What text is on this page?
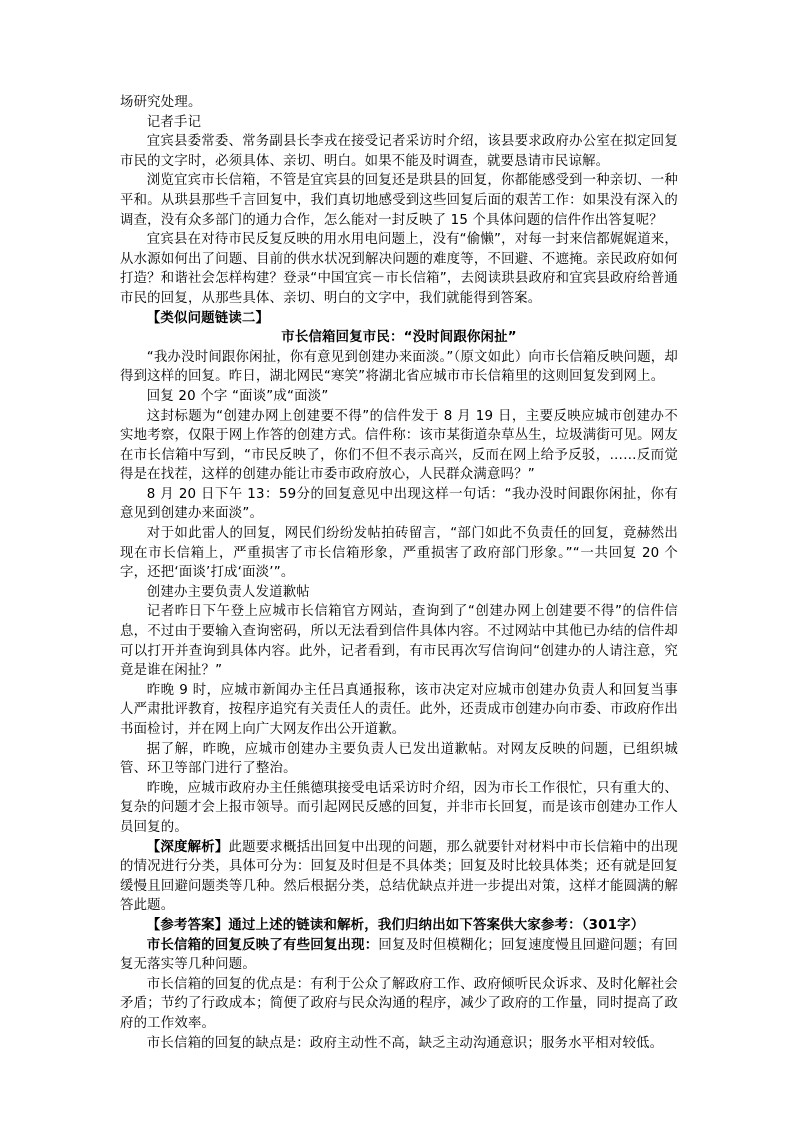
场研究处理。

记者手记

宜宾县委常委、常务副县长李戎在接受记者采访时介绍，该县要求政府办公室在拟定回复市民的文字时，必须具体、亲切、明白。如果不能及时调查，就要恳请市民谅解。

浏览宜宾市长信箱，不管是宜宾县的回复还是珙县的回复，你都能感受到一种亲切、一种平和。从珙县那些千言回复中，我们真切地感受到这些回复后面的艰苦工作：如果没有深入的调查，没有众多部门的通力合作，怎么能对一封反映了 15 个具体问题的信件作出答复呢？

宜宾县在对待市民反复反映的用水用电问题上，没有“偷懒”，对每一封来信都娓娓道来，从水源如何出了问题、目前的供水状况到解决问题的难度等，不回避、不遮掩。亲民政府如何打造？和谐社会怎样构建？登录“中国宜宾－市长信箱”，去阅读珙县政府和宜宾县政府给普通市民的回复，从那些具体、亲切、明白的文字中，我们就能得到答案。

【类似问题链读二】

市长信箱回复市民：“没时间跟你闲扯”

“我办没时间跟你闲扯，你有意见到创建办来面淡。”（原文如此）向市长信箱反映问题，却得到这样的回复。昨日，湖北网民“寒笑”将湖北省应城市市长信箱里的这则回复发到网上。

回复 20 个字 “面谈”成“面淡”

这封标题为“创建办网上创建要不得”的信件发于 8 月 19 日，主要反映应城市创建办不实地考察，仅限于网上作答的创建方式。信件称：该市某街道杂草丛生，垃圾满街可见。网友在市长信箱中写到，“市民反映了，你们不但不表示高兴，反而在网上给予反驳，……反而觉得是在找茬，这样的创建办能让市委市政府放心，人民群众满意吗？”

8 月 20 日下午 13：59分的回复意见中出现这样一句话：“我办没时间跟你闲扯，你有意见到创建办来面淡”。

对于如此雷人的回复，网民们纷纷发帖拍砖留言，“部门如此不负责任的回复，竟赫然出现在市长信箱上，严重损害了市长信箱形象，严重损害了政府部门形象。”“一共回复 20 个字，还把‘面谈’打成‘面淡’”。

创建办主要负责人发道歉帖

记者昨日下午登上应城市长信箱官方网站，查询到了“创建办网上创建要不得”的信件信息，不过由于要输入查询密码，所以无法看到信件具体内容。不过网站中其他已办结的信件却可以打开并查询到具体内容。此外，记者看到，有市民再次写信询问“创建办的人请注意，究竟是谁在闲扯？”

昨晚 9 时，应城市新闻办主任吕真通报称，该市决定对应城市创建办负责人和回复当事人严肃批评教育，按程序追究有关责任人的责任。此外，还责成市创建办向市委、市政府作出书面检讨，并在网上向广大网友作出公开道歉。

据了解，昨晚，应城市创建办主要负责人已发出道歉帖。对网友反映的问题，已组织城管、环卫等部门进行了整治。

昨晚，应城市政府办主任熊德琪接受电话采访时介绍，因为市长工作很忙，只有重大的、复杂的问题才会上报市领导。而引起网民反感的回复，并非市长回复，而是该市创建办工作人员回复的。

【深度解析】此题要求概括出回复中出现的问题，那么就要针对材料中市长信箱中的出现的情况进行分类，具体可分为：回复及时但是不具体类；回复及时比较具体类；还有就是回复缓慢且回避问题类等几种。然后根据分类，总结优缺点并进一步提出对策，这样才能圆满的解答此题。

【参考答案】通过上述的链读和解析，我们归纳出如下答案供大家参考：（301字）

市长信箱的回复反映了有些回复出现：回复及时但模糊化；回复速度慢且回避问题；有回复无落实等几种问题。

市长信箱的回复的优点是：有利于公众了解政府工作、政府倾听民众诉求、及时化解社会矛盾；节约了行政成本；简便了政府与民众沟通的程序，减少了政府的工作量，同时提高了政府的工作效率。

市长信箱的回复的缺点是：政府主动性不高，缺乏主动沟通意识；服务水平相对较低。
